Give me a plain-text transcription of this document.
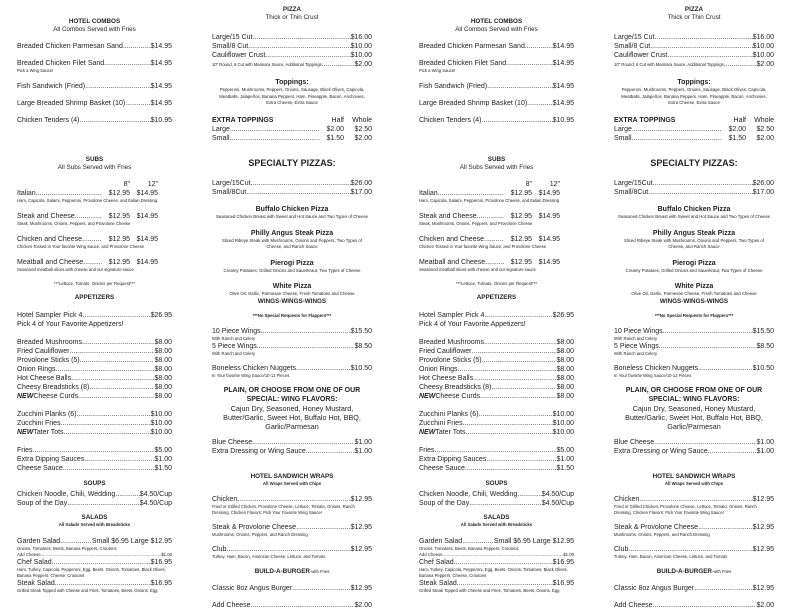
HOTEL COMBOS
All Combos Served with Fries
Breaded Chicken Parmesan Sand .....	$14.95
Breaded Chicken Filet Sand .....	$14.95
Pick a Wing Sauce!
Fish Sandwich (Fried) .....	$14.95
Large Breaded Shrimp Basket (10) .....	$14.95
Chicken Tenders (4) .....	$10.95
SUBS
All Subs Served with Fries
8"	12"
Italian .....	$12.95 $14.95
Ham, Capicola, Salami, Pepperoni, Provolone Cheese, and Italian Dressing
Steak and Cheese .....	$12.95 $14.95
Steak, Mushrooms, Onions, Peppers, and Provolone Cheese
Chicken and Cheese .....	$12.95 $14.95
Chicken Tossed in Your favorite Wing Sauce, and Provolone Cheese
Meatball and Cheese .....	$12.95 $14.95
Seasoned meatball slices with cheese and our signature sauce
***Lettuce, Tomato, Onions per Request***
APPETIZERS
Hotel Sampler Pick 4 .....	$26.95
Pick 4 of Your Favorite Appetizers!
Breaded Mushrooms .....	$8.00
Fried Cauliflower .....	$8.00
Provolone Sticks (5) .....	$8.00
Onion Rings .....	$8.00
Hot Cheese Balls .....	$8.00
Cheesy Breadsticks (8) .....	$8.00
NEW Cheese Curds .....	$8.00
Zucchini Planks (6) .....	$10.00
Zucchini Fries .....	$10.00
NEW Tater Tots .....	$10.00
Fries .....	$5.00
Extra Dipping Sauces .....	$1.00
Cheese Sauce .....	$1.50
SOUPS
Chicken Noodle, Chili, Wedding .....	$4.50/Cup
Soup of the Day .....	$4.50/Cup
SALADS
All Salads Served with Breadsticks
Garden Salad .....	Small $6.95 Large $12.95
Onions, Tomatoes, Beets, Banana Peppers, Croutons
Add Cheese .....	$1.00
Chef Salad .....	$16.95
Ham, Turkey, Capicola, Pepperoni, Egg, Beets, Onions, Tomatoes, Black Olives, Banana Peppers, Cheese, Croutons
Steak Salad .....	$16.95
Grilled Steak Topped with Cheese and Fries, Tomatoes, Beets, Onions, Egg
PIZZA
Thick or Thin Crust
Large/15 Cut .....	$16.00
Small/8 Cut .....	$10.00
Cauliflower Crust .....	$10.00
10" Round, 6 Cut with Marinara Sauce, Additional Toppings .....	$2.00
Toppings:
Pepperoni, Mushrooms, Peppers, Onions, Sausage, Black Olives, Capicola, Meatballs, Jalapeños, Banana Peppers, Ham, Pineapple, Bacon, Anchovies, Extra Cheese, Extra Sauce
EXTRA TOPPINGS	Half	Whole
Large .....	$2.00	$2.50
Small .....	$1.50	$2.00
SPECIALTY PIZZAS:
Large/15Cut .....	$26.00
Small/8Cut .....	$17.00
Buffalo Chicken Pizza
Seasoned Chicken Breast with Sweet and Hot Sauce and Two Types of Cheese
Philly Angus Steak Pizza
Sliced Ribeye Steak with Mushrooms, Onions and Peppers, Two Types of Cheese, and Ranch Sauce
Pierogi Pizza
Creamy Potatoes, Grilled Onions and Sauerkraut, Two Types of Cheese
White Pizza
Olive Oil, Garlic, Parmesan Cheese, Fresh Tomatoes and Cheese
WINGS-WINGS-WINGS
***No Special Requests for Flappers***
10 Piece Wings .....	$15.50
With Ranch and Celery
5 Piece Wings .....	$8.50
With Ranch and Celery
Boneless Chicken Nuggets .....	$10.50
In Your favorite Wing Sauce/10-12 Pieces
PLAIN, OR CHOOSE FROM ONE OF OUR SPECIAL: WING FLAVORS:
Cajun Dry, Seasoned, Honey Mustard, Butter/Garlic, Sweet Hot, Buffalo Hot, BBQ, Garlic/Parmesan
Blue Cheese .....	$1.00
Extra Dressing or Wing Sauce .....	$1.00
HOTEL SANDWICH WRAPS
All Wraps Served with Chips
Chicken .....	$12.95
Fried or Grilled Chicken, Provolone Cheese, Lettuce, Tomato, Onions, Ranch Dressing, Chicken Flavors: Pick Your Favorite Wing Sauce!
Steak & Provolone Cheese .....	$12.95
Mushrooms, Onions, Peppers, and Ranch Dressing
Club .....	$12.95
Turkey, Ham, Bacon, American Cheese, Lettuce, and Tomato
BUILD-A-BURGER-with Fries
Classic 8oz Angus Burger .....	$12.95
Add Cheese .....	$2.00
HOTEL COMBOS
All Combos Served with Fries
Breaded Chicken Parmesan Sand .....	$14.95
Breaded Chicken Filet Sand .....	$14.95
Pick a Wing Sauce!
Fish Sandwich (Fried) .....	$14.95
Large Breaded Shrimp Basket (10) .....	$14.95
Chicken Tenders (4) .....	$10.95
SUBS
All Subs Served with Fries
8"	12"
Italian .....	$12.95 $14.95
Ham, Capicola, Salami, Pepperoni, Provolone Cheese, and Italian Dressing
Steak and Cheese .....	$12.95 $14.95
Steak, Mushrooms, Onions, Peppers, and Provolone Cheese
Chicken and Cheese .....	$12.95 $14.95
Chicken Tossed in Your favorite Wing Sauce, and Provolone Cheese
Meatball and Cheese .....	$12.95 $14.95
Seasoned meatball slices with cheese and our signature sauce
***Lettuce, Tomato, Onions per Request***
APPETIZERS
Hotel Sampler Pick 4 .....	$26.95
Pick 4 of Your Favorite Appetizers!
Breaded Mushrooms .....	$8.00
Fried Cauliflower .....	$8.00
Provolone Sticks (5) .....	$8.00
Onion Rings .....	$8.00
Hot Cheese Balls .....	$8.00
Cheesy Breadsticks (8) .....	$8.00
NEW Cheese Curds .....	$8.00
Zucchini Planks (6) .....	$10.00
Zucchini Fries .....	$10.00
NEW Tater Tots .....	$10.00
Fries .....	$5.00
Extra Dipping Sauces .....	$1.00
Cheese Sauce .....	$1.50
SOUPS
Chicken Noodle, Chili, Wedding .....	$4.50/Cup
Soup of the Day .....	$4.50/Cup
SALADS
All Salads Served with Breadsticks
Garden Salad .....	Small $6.95 Large $12.95
Onions, Tomatoes, Beets, Banana Peppers, Croutons
Add Cheese .....	$1.00
Chef Salad .....	$16.95
Ham, Turkey, Capicola, Pepperoni, Egg, Beets, Onions, Tomatoes, Black Olives, Banana Peppers, Cheese, Croutons
Steak Salad .....	$16.95
Grilled Steak Topped with Cheese and Fries, Tomatoes, Beets, Onions, Egg
PIZZA
Thick or Thin Crust
Large/15 Cut .....	$16.00
Small/8 Cut .....	$10.00
Cauliflower Crust .....	$10.00
10" Round, 6 Cut with Marinara Sauce, Additional Toppings .....	$2.00
Toppings:
Pepperoni, Mushrooms, Peppers, Onions, Sausage, Black Olives, Capicola, Meatballs, Jalapeños, Banana Peppers, Ham, Pineapple, Bacon, Anchovies, Extra Cheese, Extra Sauce
EXTRA TOPPINGS	Half	Whole
Large .....	$2.00	$2.50
Small .....	$1.50	$2.00
SPECIALTY PIZZAS:
Large/15Cut .....	$26.00
Small/8Cut .....	$17.00
Buffalo Chicken Pizza
Seasoned Chicken Breast with Sweet and Hot Sauce and Two Types of Cheese
Philly Angus Steak Pizza
Sliced Ribeye Steak with Mushrooms, Onions and Peppers, Two Types of Cheese, and Ranch Sauce
Pierogi Pizza
Creamy Potatoes, Grilled Onions and Sauerkraut, Two Types of Cheese
White Pizza
Olive Oil, Garlic, Parmesan Cheese, Fresh Tomatoes and Cheese
WINGS-WINGS-WINGS
***No Special Requests for Flappers***
10 Piece Wings .....	$15.50
With Ranch and Celery
5 Piece Wings .....	$8.50
With Ranch and Celery
Boneless Chicken Nuggets .....	$10.50
In Your favorite Wing Sauce/10-12 Pieces
PLAIN, OR CHOOSE FROM ONE OF OUR SPECIAL: WING FLAVORS:
Cajun Dry, Seasoned, Honey Mustard, Butter/Garlic, Sweet Hot, Buffalo Hot, BBQ, Garlic/Parmesan
Blue Cheese .....	$1.00
Extra Dressing or Wing Sauce .....	$1.00
HOTEL SANDWICH WRAPS
All Wraps Served with Chips
Chicken .....	$12.95
Fried or Grilled Chicken, Provolone Cheese, Lettuce, Tomato, Onions, Ranch Dressing, Chicken Flavors: Pick Your Favorite Wing Sauce!
Steak & Provolone Cheese .....	$12.95
Mushrooms, Onions, Peppers, and Ranch Dressing
Club .....	$12.95
Turkey, Ham, Bacon, American Cheese, Lettuce, and Tomato
BUILD-A-BURGER-with Fries
Classic 8oz Angus Burger .....	$12.95
Add Cheese .....	$2.00
